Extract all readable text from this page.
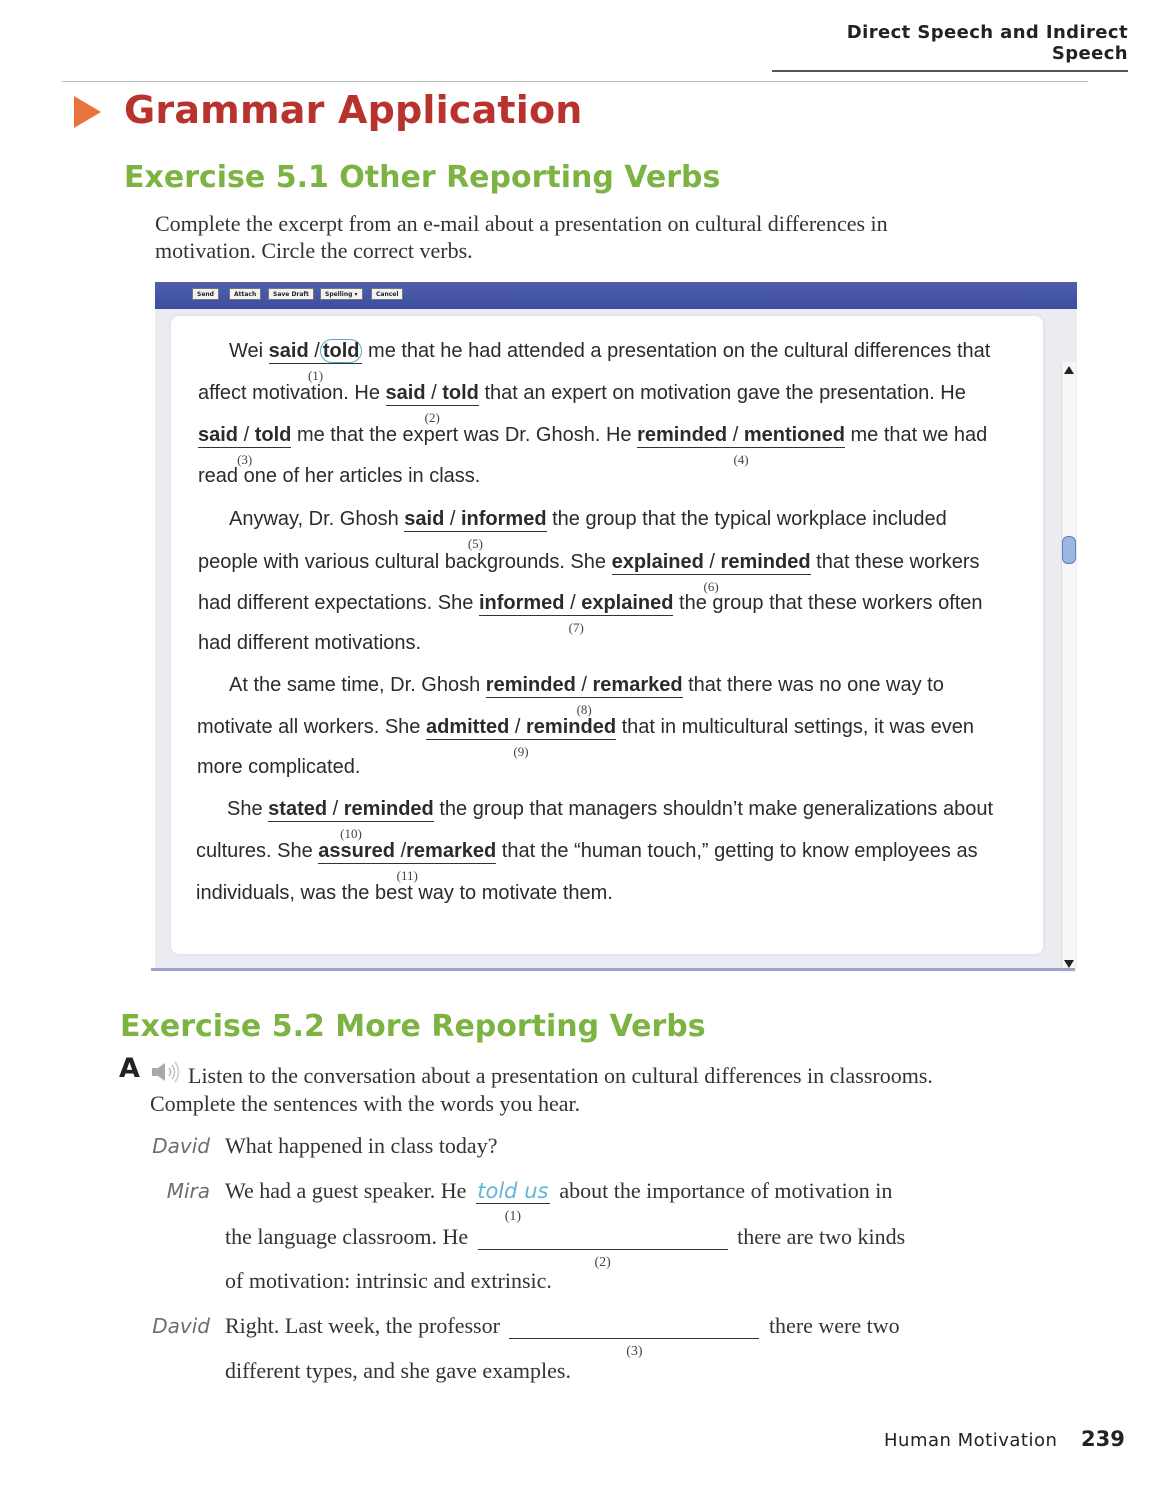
Direct Speech and Indirect Speech
Grammar Application
Exercise 5.1 Other Reporting Verbs
Complete the excerpt from an e-mail about a presentation on cultural differences in motivation. Circle the correct verbs.
Send	Attach	Save Draft	Spelling ▾	Cancel
Wei said / told
(1)
me that he had attended a presentation on the cultural differences that
affect motivation. He said / told
(2)
that an expert on motivation gave the presentation. He
said / told
(3)
me that the expert was Dr. Ghosh. He reminded / mentioned
(4)
me that we had
read one of her articles in class.
Anyway, Dr. Ghosh said / informed
(5)
the group that the typical workplace included
people with various cultural backgrounds. She explained / reminded
(6)
that these workers
had different expectations. She informed / explained
(7)
the group that these workers often
had different motivations.
At the same time, Dr. Ghosh reminded / remarked
(8)
that there was no one way to
motivate all workers. She admitted / reminded
(9)
that in multicultural settings, it was even
more complicated.
She stated / reminded
(10)
the group that managers shouldn’t make generalizations about
cultures. She assured /remarked
(11)
that the “human touch,” getting to know employees as
individuals, was the best way to motivate them.
Exercise 5.2 More Reporting Verbs
A Listen to the conversation about a presentation on cultural differences in classrooms.
Complete the sentences with the words you hear.
David What happened in class today?
Mira We had a guest speaker. He told us
(1)
about the importance of motivation in
the language classroom. He
(2)
there are two kinds
of motivation: intrinsic and extrinsic.
David Right. Last week, the professor
(3)
there were two
different types, and she gave examples.
Human Motivation 239
